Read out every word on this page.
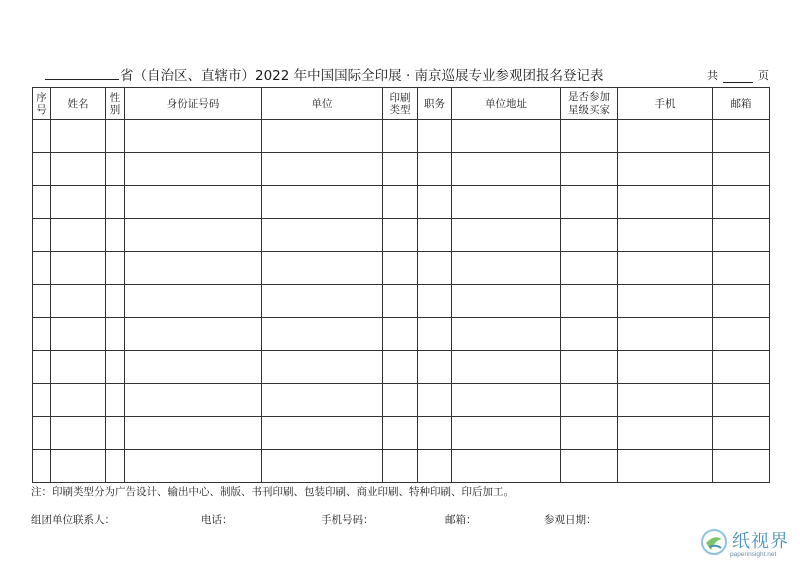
省（自治区、直辖市）2022 年中国国际全印展 · 南京巡展专业参观团报名登记表	共	页
序号	姓名	性别	身份证号码	单位	印刷类型	职务	单位地址	是否参加星级买家	手机	邮箱

注：印刷类型分为广告设计、输出中心、制版、书刊印刷、包装印刷、商业印刷、特种印刷、印后加工。
组团单位联系人：	电话：	手机号码：	邮箱：	参观日期：
纸视界
paperinsight.net
